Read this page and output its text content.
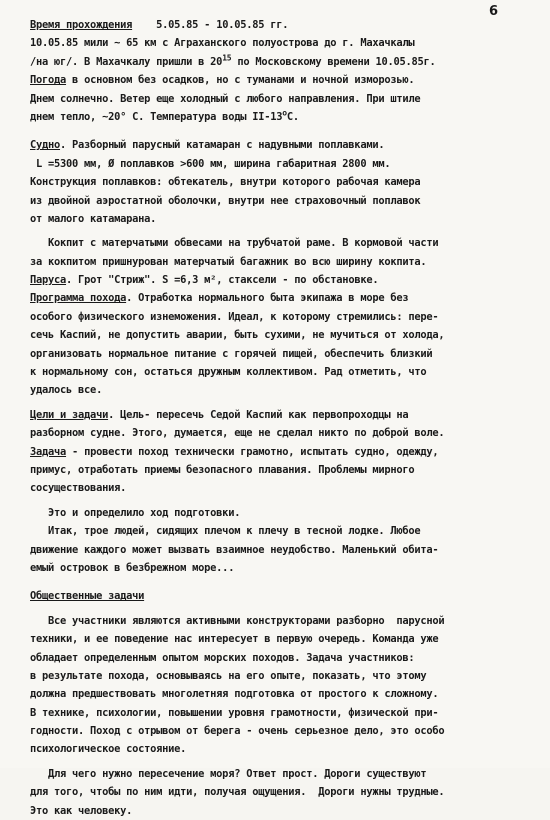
6
Время прохождения    5.05.85 - 10.05.85 гг.
10.05.85 мили ~ 65 км с Аграханского полуострова до г. Махачкалы
/на юг/. В Махачкалу пришли в $20^{15}$ по Московскому времени 10.05.85г.
Погода в основном без осадков, но с туманами и ночной изморозью.
Днем солнечно. Ветер еще холодный с любого направления. При штиле
днем тепло, ~20° С. Температура воды $II-13^оС$.
Судно. Разборный парусный катамаран с надувными поплавками.
L =5300 мм, Ø поплавков >600 мм, ширина габаритная 2800 мм.
Конструкция поплавков: обтекатель, внутри которого рабочая камера
из двойной аэростатной оболочки, внутри нее страховочный поплавок
от малого катамарана.
Кокпит с матерчатыми обвесами на трубчатой раме. В кормовой части
за кокпитом пришнурован матерчатый багажник во всю ширину кокпита.
Паруса. Грот "Стриж". S =6,3 м², стаксели - по обстановке.
Программа похода. Отработка нормального быта экипажа в море без
особого физического изнеможения. Идеал, к которому стремились: пере-
сечь Каспий, не допустить аварии, быть сухими, не мучиться от холода,
организовать нормальное питание с горячей пищей, обеспечить близкий
к нормальному сон, остаться дружным коллективом. Рад отметить, что
удалось все.
Цели и задачи. Цель- пересечь Седой Каспий как первопроходцы на
разборном судне. Этого, думается, еще не сделал никто по доброй воле.
Задача - провести поход технически грамотно, испытать судно, одежду,
примус, отработать приемы безопасного плавания. Проблемы мирного
сосуществования.
Это и определило ход подготовки.
Итак, трое людей, сидящих плечом к плечу в тесной лодке. Любое
движение каждого может вызвать взаимное неудобство. Маленький обита-
емый островок в безбрежном море...
Общественные задачи
Все участники являются активными конструкторами разборно  парусной
техники, и ее поведение нас интересует в первую очередь. Команда уже
обладает определенным опытом морских походов. Задача участников:
в результате похода, основываясь на его опыте, показать, что этому
должна предшествовать многолетняя подготовка от простого к сложному.
В технике, психологии, повышении уровня грамотности, физической при-
годности. Поход с отрывом от берега - очень серьезное дело, это особо
психологическое состояние.
Для чего нужно пересечение моря? Ответ прост. Дороги существуют
для того, чтобы по ним идти, получая ощущения.  Дороги нужны трудные.
Это как человеку.
